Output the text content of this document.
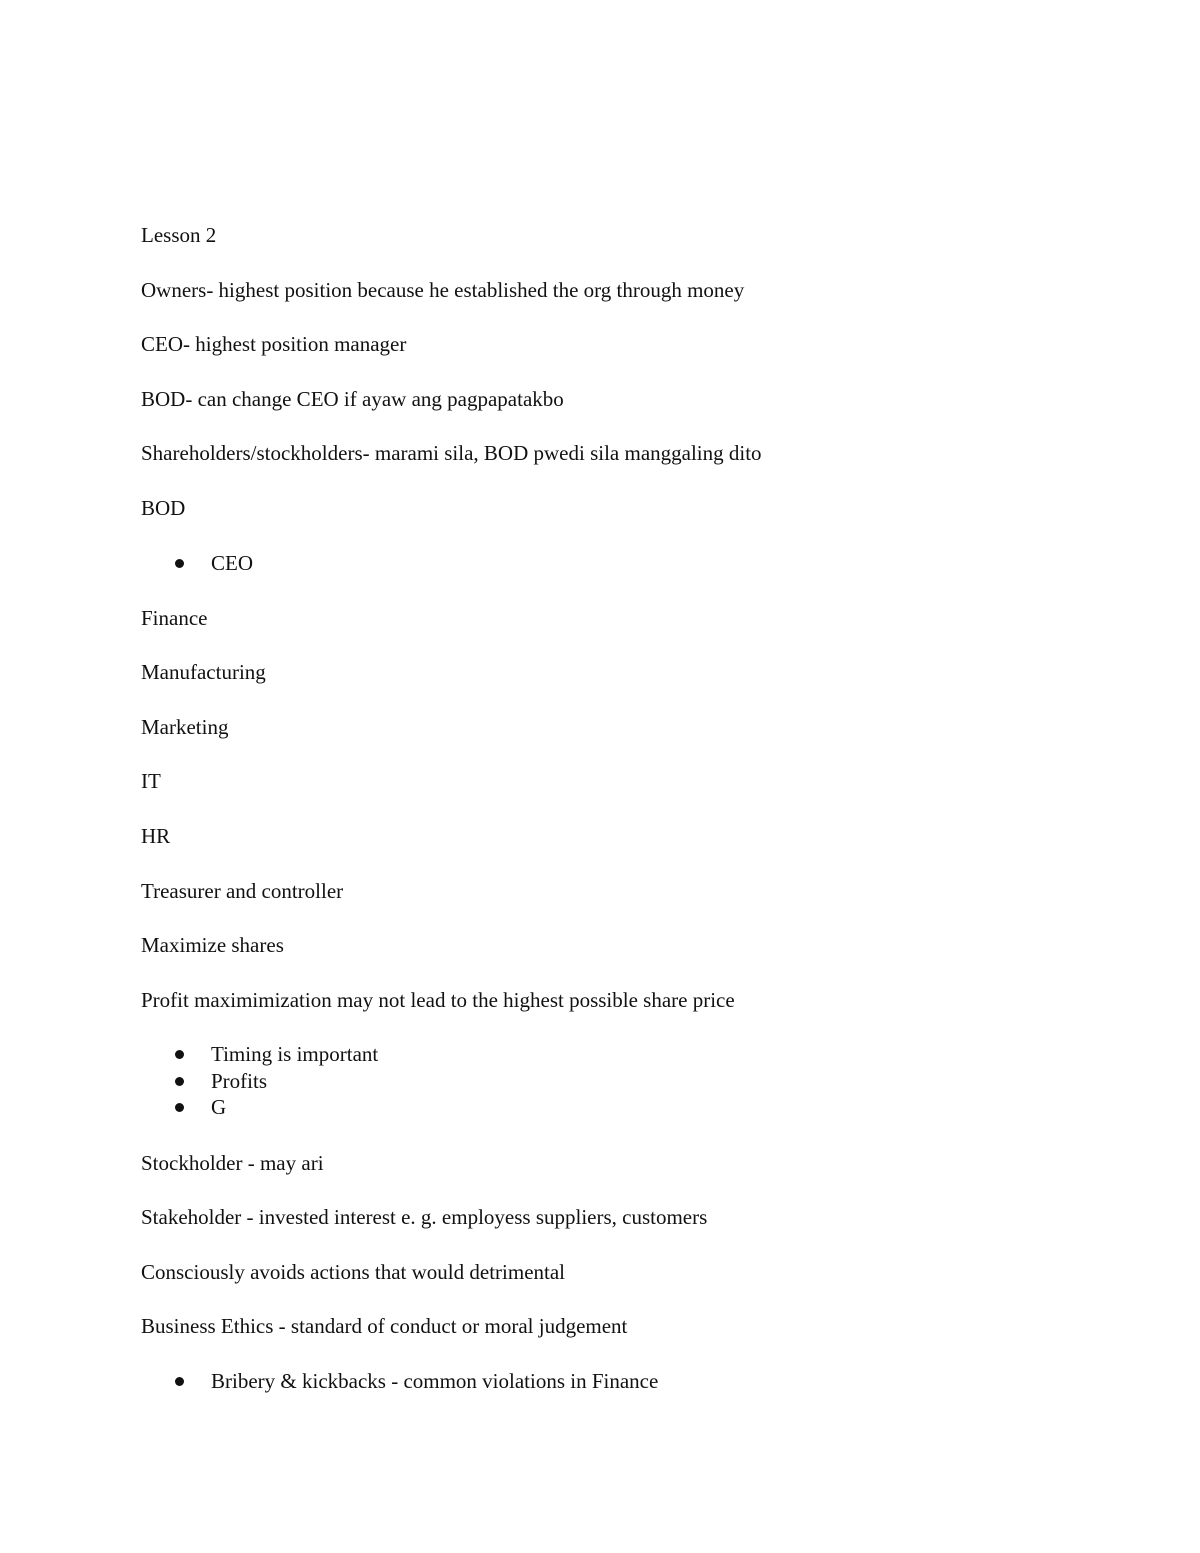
Lesson 2

Owners- highest position because he established the org through money

CEO- highest position manager

BOD- can change CEO if ayaw ang pagpapatakbo

Shareholders/stockholders- marami sila, BOD pwedi sila manggaling dito

BOD

CEO

Finance

Manufacturing

Marketing

IT

HR

Treasurer and controller

Maximize shares

Profit maximimization may not lead to the highest possible share price

Timing is important
Profits
G

Stockholder - may ari

Stakeholder - invested interest e. g. employess suppliers, customers

Consciously avoids actions that would detrimental

Business Ethics - standard of conduct or moral judgement

Bribery & kickbacks - common violations in Finance
